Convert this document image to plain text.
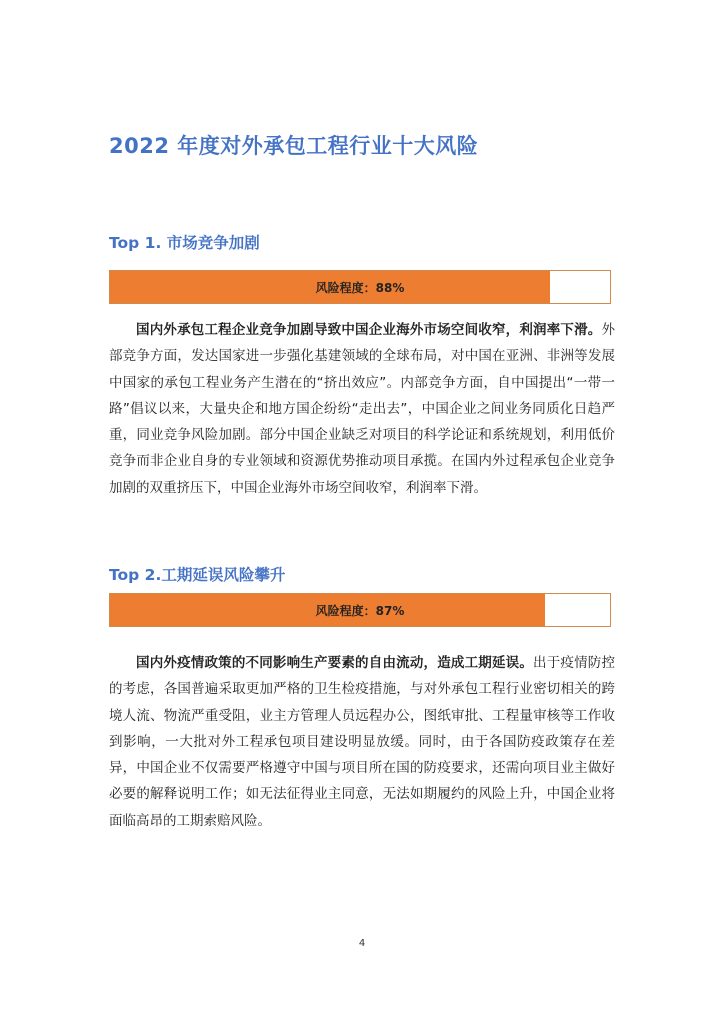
2022 年度对外承包工程行业十大风险
Top 1. 市场竞争加剧
风险程度：88%

国内外承包工程企业竞争加剧导致中国企业海外市场空间收窄，利润率下滑。外部竞争方面，发达国家进一步强化基建领域的全球布局，对中国在亚洲、非洲等发展中国家的承包工程业务产生潜在的“挤出效应”。内部竞争方面，自中国提出“一带一路”倡议以来，大量央企和地方国企纷纷“走出去”，中国企业之间业务同质化日趋严重，同业竞争风险加剧。部分中国企业缺乏对项目的科学论证和系统规划，利用低价竞争而非企业自身的专业领域和资源优势推动项目承揽。在国内外过程承包企业竞争加剧的双重挤压下，中国企业海外市场空间收窄，利润率下滑。

Top 2.工期延误风险攀升
风险程度：87%

国内外疫情政策的不同影响生产要素的自由流动，造成工期延误。出于疫情防控的考虑，各国普遍采取更加严格的卫生检疫措施，与对外承包工程行业密切相关的跨境人流、物流严重受阻，业主方管理人员远程办公，图纸审批、工程量审核等工作收到影响，一大批对外工程承包项目建设明显放缓。同时，由于各国防疫政策存在差异，中国企业不仅需要严格遵守中国与项目所在国的防疫要求，还需向项目业主做好必要的解释说明工作；如无法征得业主同意，无法如期履约的风险上升，中国企业将面临高昂的工期索赔风险。

4
